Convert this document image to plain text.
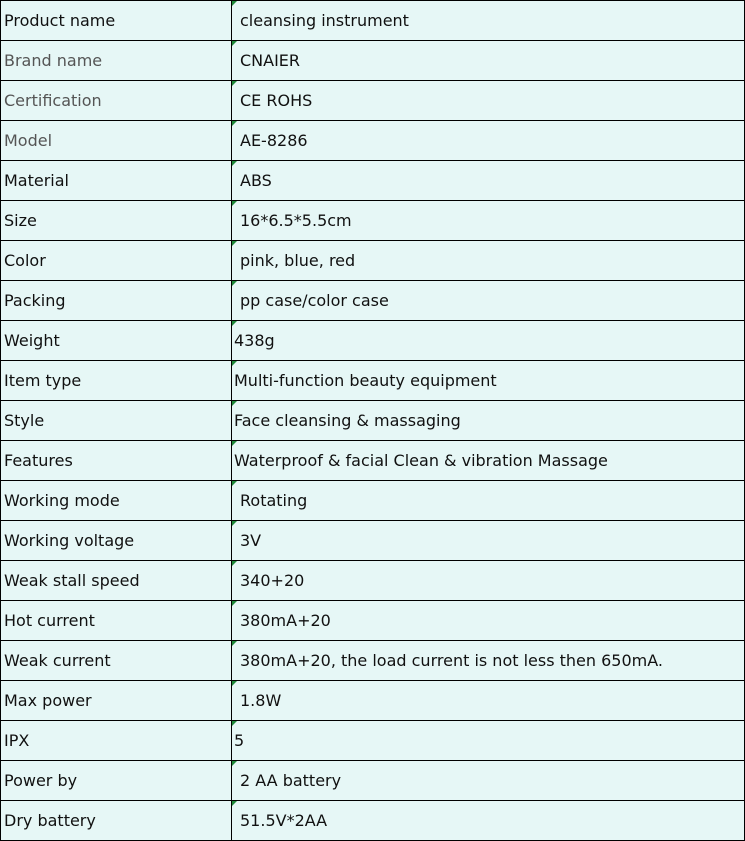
Product name	cleansing instrument
Brand name	CNAIER
Certification	CE ROHS
Model	AE-8286
Material	ABS
Size	16*6.5*5.5cm
Color	pink, blue, red
Packing	pp case/color case
Weight	438g
Item type	Multi-function beauty equipment
Style	Face cleansing & massaging
Features	Waterproof & facial Clean & vibration Massage
Working mode	Rotating
Working voltage	3V
Weak stall speed	340+20
Hot current	380mA+20
Weak current	380mA+20, the load current is not less then 650mA.
Max power	1.8W
IPX	5
Power by	2 AA battery
Dry battery	51.5V*2AA
